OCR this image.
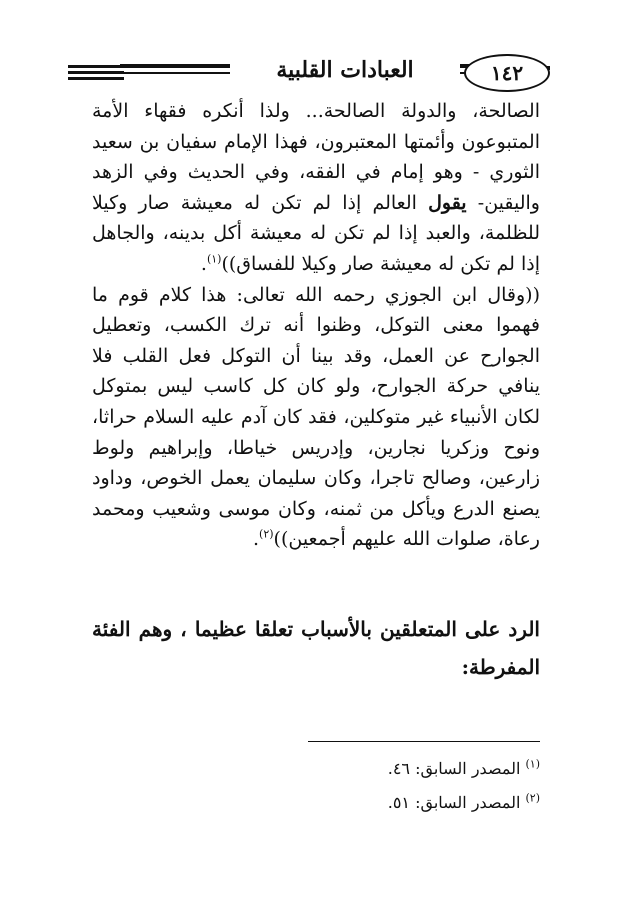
العبادات القلبية	١٤٢

الصالحة، والدولة الصالحة... ولذا أنكره فقهاء الأمة المتبوعون وأئمتها المعتبرون، فهذا الإمام سفيان بن سعيد الثوري - وهو إمام في الفقه، وفي الحديث وفي الزهد واليقين- يقول العالم إذا لم تكن له معيشة صار وكيلا للظلمة، والعبد إذا لم تكن له معيشة أكل بدينه، والجاهل إذا لم تكن له معيشة صار وكيلا للفساق))$^{(١)}$.

((وقال ابن الجوزي رحمه الله تعالى: هذا كلام قوم ما فهموا معنى التوكل، وظنوا أنه ترك الكسب، وتعطيل الجوارح عن العمل، وقد بينا أن التوكل فعل القلب فلا ينافي حركة الجوارح، ولو كان كل كاسب ليس بمتوكل لكان الأنبياء غير متوكلين، فقد كان آدم عليه السلام حراثا، ونوح وزكريا نجارين، وإدريس خياطا، وإبراهيم ولوط زارعين، وصالح تاجرا، وكان سليمان يعمل الخوص، وداود يصنع الدرع ويأكل من ثمنه، وكان موسى وشعيب ومحمد رعاة، صلوات الله عليهم أجمعين))$^{(٢)}$.

الرد على المتعلقين بالأسباب تعلقا عظيما ، وهم الفئة المفرطة:
$^{(١)}$ المصدر السابق: ٤٦.
$^{(٢)}$ المصدر السابق: ٥١.
